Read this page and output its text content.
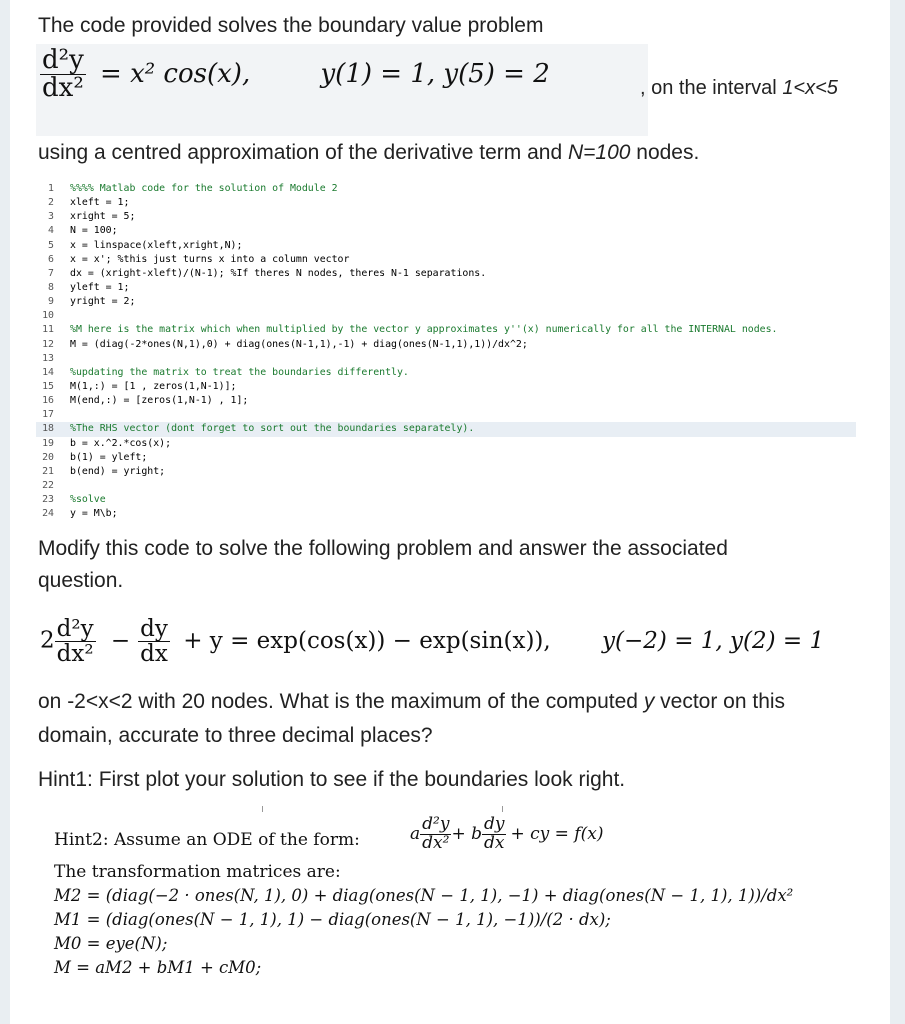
The code provided solves the boundary value problem
$\frac{\text{d²y}}{\text{dx²}} = x^2$ cos(x),	y(1) = 1, y(5) = 2	, on the interval 1<x<5
using a centred approximation of the derivative term and N=100 nodes.
1 %%%% Matlab code for the solution of Module 2
2 xleft = 1;
3 xright = 5;
4 N = 100;
5 x = linspace(xleft,xright,N);
6 x = x'; %this just turns x into a column vector
7 dx = (xright-xleft)/(N-1); %If theres N nodes, theres N-1 separations.
8 yleft = 1;
9 yright = 2;
10
11 %M here is the matrix which when multiplied by the vector y approximates y''(x) numerically for all the INTERNAL nodes.
12 M = (diag(-2*ones(N,1),0) + diag(ones(N-1,1),-1) + diag(ones(N-1,1),1))/dx^2;
13
14 %updating the matrix to treat the boundaries differently.
15 M(1,:) = [1 , zeros(1,N-1)];
16 M(end,:) = [zeros(1,N-1) , 1];
17
18 %The RHS vector (dont forget to sort out the boundaries separately).
19 b = x.^2.*cos(x);
20 b(1) = yleft;
21 b(end) = yright;
22
23 %solve
24 y = M\b;
Modify this code to solve the following problem and answer the associated
question.
$2 \frac{\text{d²y}}{\text{dx²}} - \frac{dy}{dx} + y = \exp(\cos(x)) - \exp(\sin(x))$, y(−2) = 1, y(2) = 1
on -2<x<2 with 20 nodes. What is the maximum of the computed y vector on this
domain, accurate to three decimal places?
Hint1: First plot your solution to see if the boundaries look right.
Hint2: Assume an ODE of the form:	a $\frac{\text{d²y}}{\text{dx²}} + b \frac{dy}{dx}$ + cy = f(x)
The transformation matrices are:
M2 = (diag(−2 · ones(N, 1), 0) + diag(ones(N − 1, 1), −1) + diag(ones(N − 1, 1), 1))/dx²
M1 = (diag(ones(N − 1, 1), 1) − diag(ones(N − 1, 1), −1))/(2 · dx);
M0 = eye(N);
M = aM2 + bM1 + cM0;
